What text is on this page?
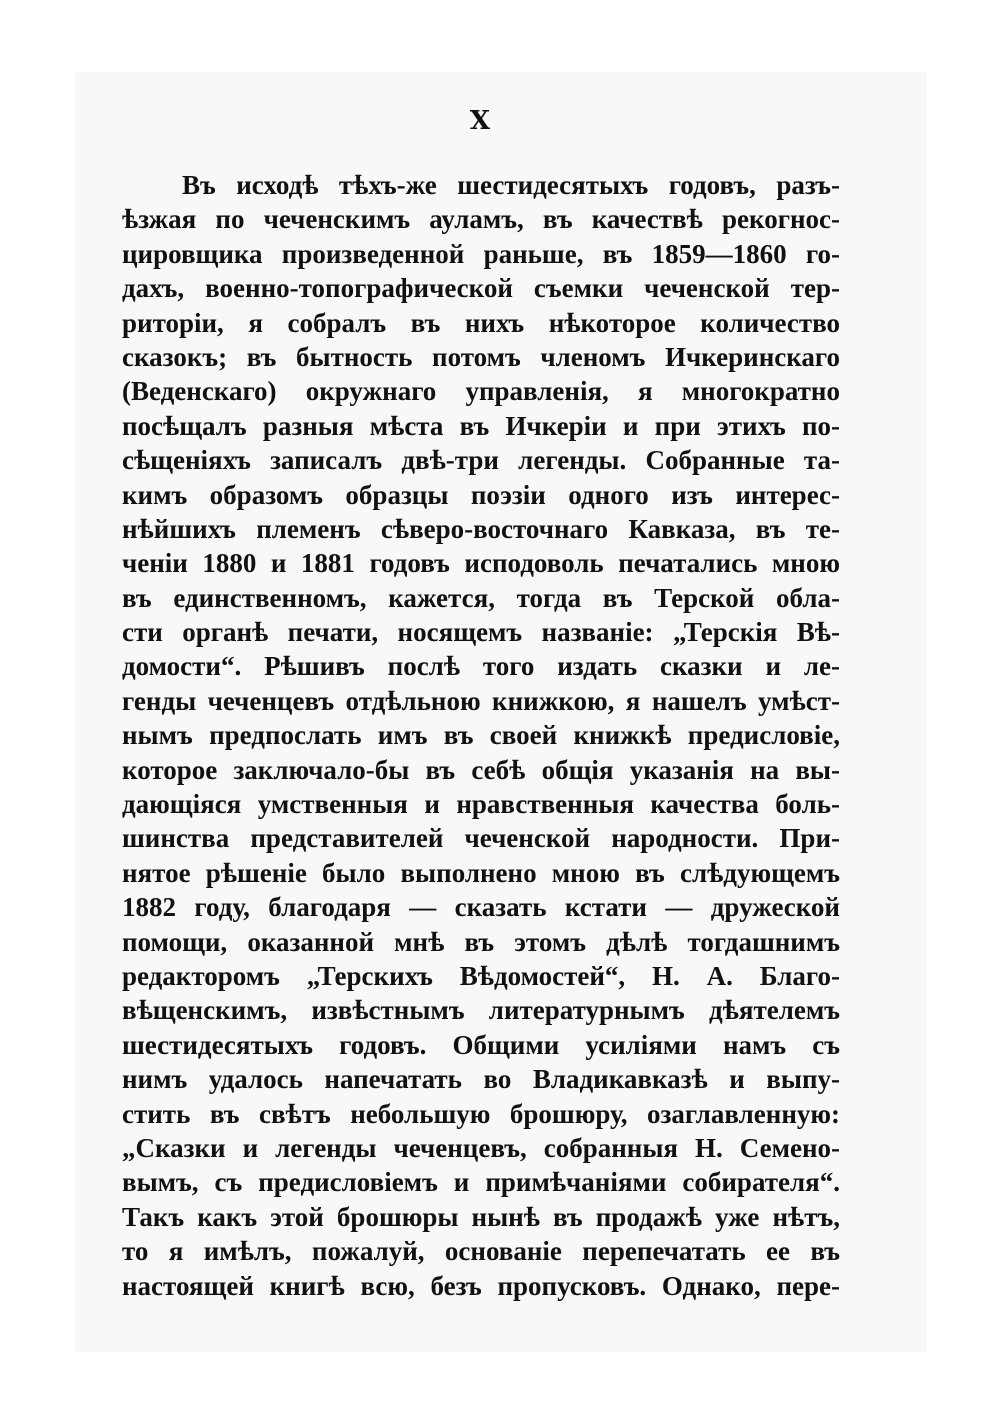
X
Въ исходѣ тѣхъ-же шестидесятыхъ годовъ, разъ-
ѣзжая по чеченскимъ ауламъ, въ качествѣ рекогнос-
цировщика произведенной раньше, въ 1859—1860 го-
дахъ, военно-топографической съемки чеченской тер-
риторіи, я собралъ въ нихъ нѣкоторое количество
сказокъ; въ бытность потомъ членомъ Ичкеринскаго
(Веденскаго) окружнаго управленія, я многократно
посѣщалъ разныя мѣста въ Ичкеріи и при этихъ по-
сѣщеніяхъ записалъ двѣ-три легенды. Собранные та-
кимъ образомъ образцы поэзіи одного изъ интерес-
нѣйшихъ племенъ сѣверо-восточнаго Кавказа, въ те-
ченіи 1880 и 1881 годовъ исподоволь печатались мною
въ единственномъ, кажется, тогда въ Терской обла-
сти органѣ печати, носящемъ названіе: „Терскія Вѣ-
домости“. Рѣшивъ послѣ того издать сказки и ле-
генды чеченцевъ отдѣльною книжкою, я нашелъ умѣст-
нымъ предпослать имъ въ своей книжкѣ предисловіе,
которое заключало-бы въ себѣ общія указанія на вы-
дающіяся умственныя и нравственныя качества боль-
шинства представителей чеченской народности. При-
нятое рѣшеніе было выполнено мною въ слѣдующемъ
1882 году, благодаря — сказать кстати — дружеской
помощи, оказанной мнѣ въ этомъ дѣлѣ тогдашнимъ
редакторомъ „Терскихъ Вѣдомостей“, Н. А. Благо-
вѣщенскимъ, извѣстнымъ литературнымъ дѣятелемъ
шестидесятыхъ годовъ. Общими усиліями намъ съ
нимъ удалось напечатать во Владикавказѣ и выпу-
стить въ свѣтъ небольшую брошюру, озаглавленную:
„Сказки и легенды чеченцевъ, собранныя Н. Семено-
вымъ, съ предисловіемъ и примѣчаніями собирателя“.
Такъ какъ этой брошюры нынѣ въ продажѣ уже нѣтъ,
то я имѣлъ, пожалуй, основаніе перепечатать ее въ
настоящей книгѣ всю, безъ пропусковъ. Однако, пере-
